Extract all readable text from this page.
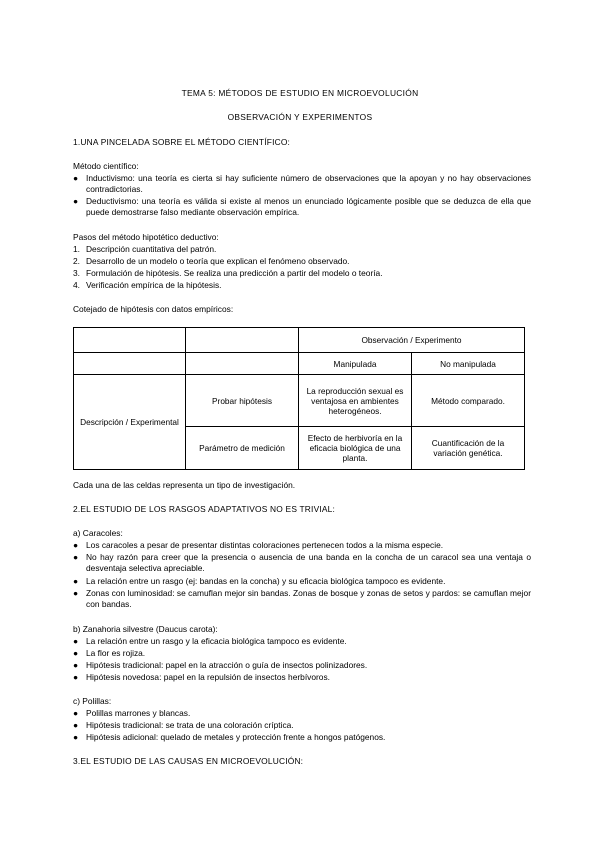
TEMA 5: MÉTODOS DE ESTUDIO EN MICROEVOLUCIÓN
OBSERVACIÓN Y EXPERIMENTOS
1.UNA PINCELADA SOBRE EL MÉTODO CIENTÍFICO:
Método científico:
● Inductivismo: una teoría es cierta si hay suficiente número de observaciones que la apoyan y no hay observaciones contradictorias.
● Deductivismo: una teoría es válida si existe al menos un enunciado lógicamente posible que se deduzca de ella que puede demostrarse falso mediante observación empírica.
Pasos del método hipotético deductivo:
1. Descripción cuantitativa del patrón.
2. Desarrollo de un modelo o teoría que explican el fenómeno observado.
3. Formulación de hipótesis. Se realiza una predicción a partir del modelo o teoría.
4. Verificación empírica de la hipótesis.
Cotejado de hipótesis con datos empíricos:
		Observación / Experimento	
		Manipulada	No manipulada
Descripción / Experimental	Probar hipótesis	La reproducción sexual es ventajosa en ambientes heterogéneos.	Método comparado.
	Parámetro de medición	Efecto de herbivoría en la eficacia biológica de una planta.	Cuantificación de la variación genética.
Cada una de las celdas representa un tipo de investigación.
2.EL ESTUDIO DE LOS RASGOS ADAPTATIVOS NO ES TRIVIAL:
a) Caracoles:
● Los caracoles a pesar de presentar distintas coloraciones pertenecen todos a la misma especie.
● No hay razón para creer que la presencia o ausencia de una banda en la concha de un caracol sea una ventaja o desventaja selectiva apreciable.
● La relación entre un rasgo (ej: bandas en la concha) y su eficacia biológica tampoco es evidente.
● Zonas con luminosidad: se camuflan mejor sin bandas. Zonas de bosque y zonas de setos y pardos: se camuflan mejor con bandas.
b) Zanahoria silvestre (Daucus carota):
● La relación entre un rasgo y la eficacia biológica tampoco es evidente.
● La flor es rojiza.
● Hipótesis tradicional: papel en la atracción o guía de insectos polinizadores.
● Hipótesis novedosa: papel en la repulsión de insectos herbívoros.
c) Polillas:
● Polillas marrones y blancas.
● Hipótesis tradicional: se trata de una coloración críptica.
● Hipótesis adicional: quelado de metales y protección frente a hongos patógenos.
3.EL ESTUDIO DE LAS CAUSAS EN MICROEVOLUCIÓN:
